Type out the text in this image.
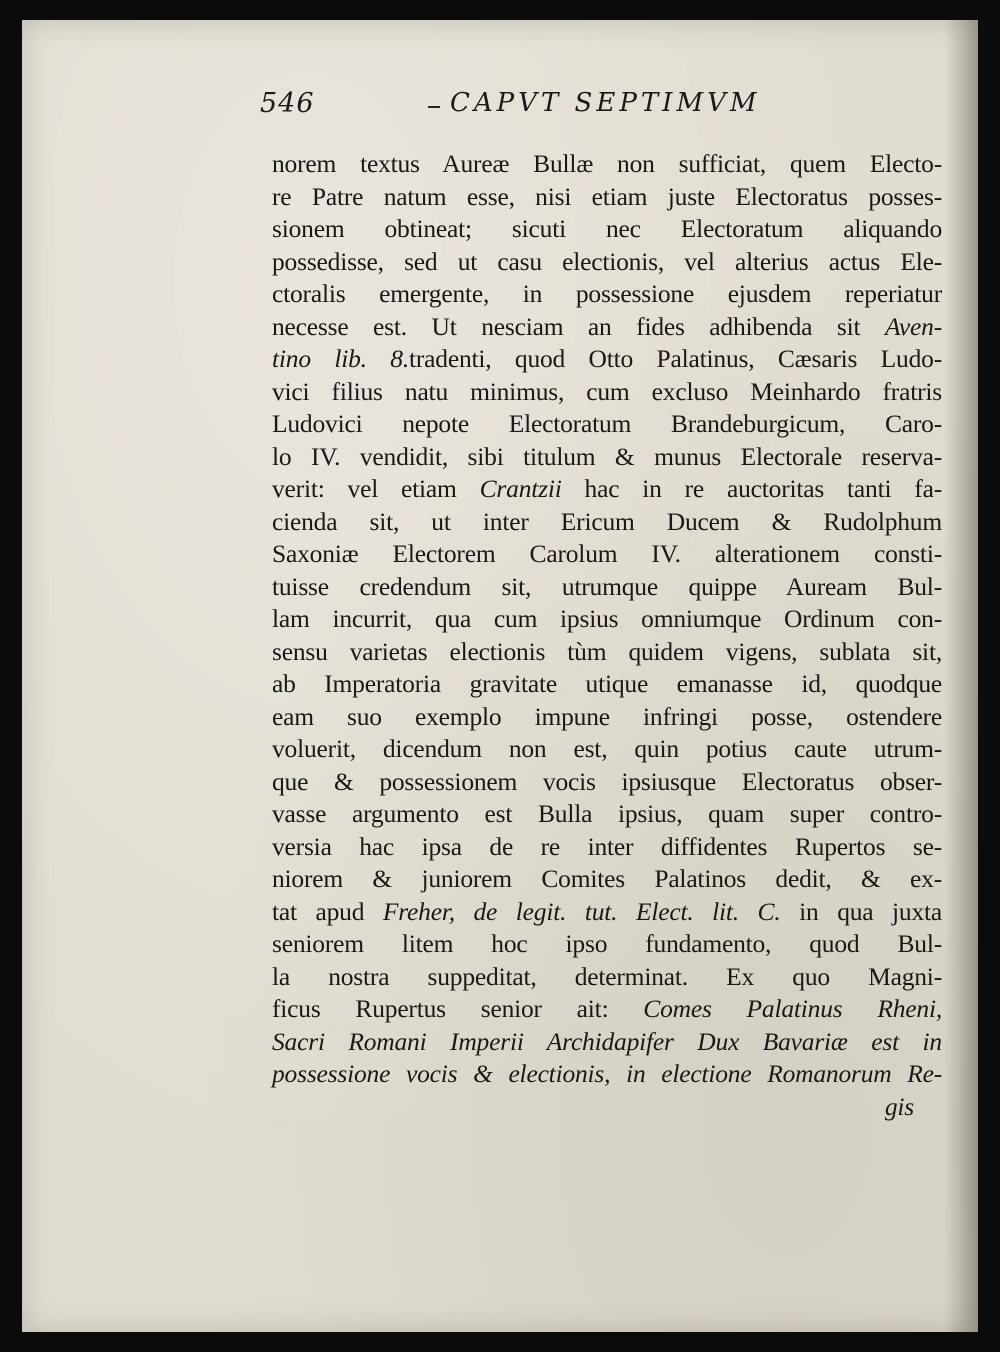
546	CAPVT SEPTIMVM
norem textus Aureæ Bullæ non sufficiat, quem Electo-
re Patre natum esse, nisi etiam juste Electoratus posses-
sionem obtineat; sicuti nec Electoratum aliquando
possedisse, sed ut casu electionis, vel alterius actus Ele-
ctoralis emergente, in possessione ejusdem reperiatur
necesse est. Ut nesciam an fides adhibenda sit Aven-
tino lib. 8.tradenti, quod Otto Palatinus, Cæsaris Ludo-
vici filius natu minimus, cum excluso Meinhardo fratris
Ludovici nepote Electoratum Brandeburgicum, Caro-
lo IV. vendidit, sibi titulum & munus Electorale reserva-
verit: vel etiam Crantzii hac in re auctoritas tanti fa-
cienda sit, ut inter Ericum Ducem & Rudolphum
Saxoniæ Electorem Carolum IV. alterationem consti-
tuisse credendum sit, utrumque quippe Auream Bul-
lam incurrit, qua cum ipsius omniumque Ordinum con-
sensu varietas electionis tùm quidem vigens, sublata sit,
ab Imperatoria gravitate utique emanasse id, quodque
eam suo exemplo impune infringi posse, ostendere
voluerit, dicendum non est, quin potius caute utrum-
que & possessionem vocis ipsiusque Electoratus obser-
vasse argumento est Bulla ipsius, quam super contro-
versia hac ipsa de re inter diffidentes Rupertos se-
niorem & juniorem Comites Palatinos dedit, & ex-
tat apud Freher, de legit. tut. Elect. lit. C. in qua juxta
seniorem litem hoc ipso fundamento, quod Bul-
la nostra suppeditat, determinat. Ex quo Magni-
ficus Rupertus senior ait: Comes Palatinus Rheni,
Sacri Romani Imperii Archidapifer Dux Bavariæ est in
possessione vocis & electionis, in electione Romanorum Re-
gis
